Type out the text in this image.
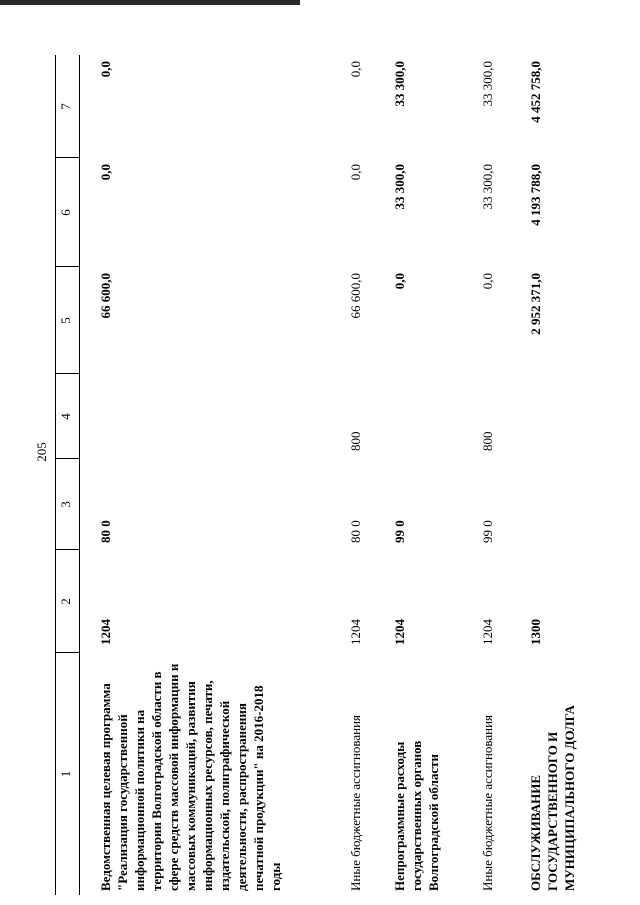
205
1
2
3
4
5
6
7
Ведомственная целевая программа "Реализация государственной информационной политики на территории Волгоградской области в сфере средств массовой информации и массовых коммуникаций, развития информационных ресурсов, печати, издательской, полиграфической деятельности, распространения печатной продукции" на 2016-2018 годы
1204
80 0
66 600,0
0,0
0,0
Иные бюджетные ассигнования
1204
80 0
800
66 600,0
0,0
0,0
Непрограммные расходы государственных органов Волгоградской области
1204
99 0
0,0
33 300,0
33 300,0
Иные бюджетные ассигнования
1204
99 0
800
0,0
33 300,0
33 300,0
ОБСЛУЖИВАНИЕ ГОСУДАРСТВЕННОГО И МУНИЦИПАЛЬНОГО ДОЛГА
1300
2 952 371,0
4 193 788,0
4 452 758,0
